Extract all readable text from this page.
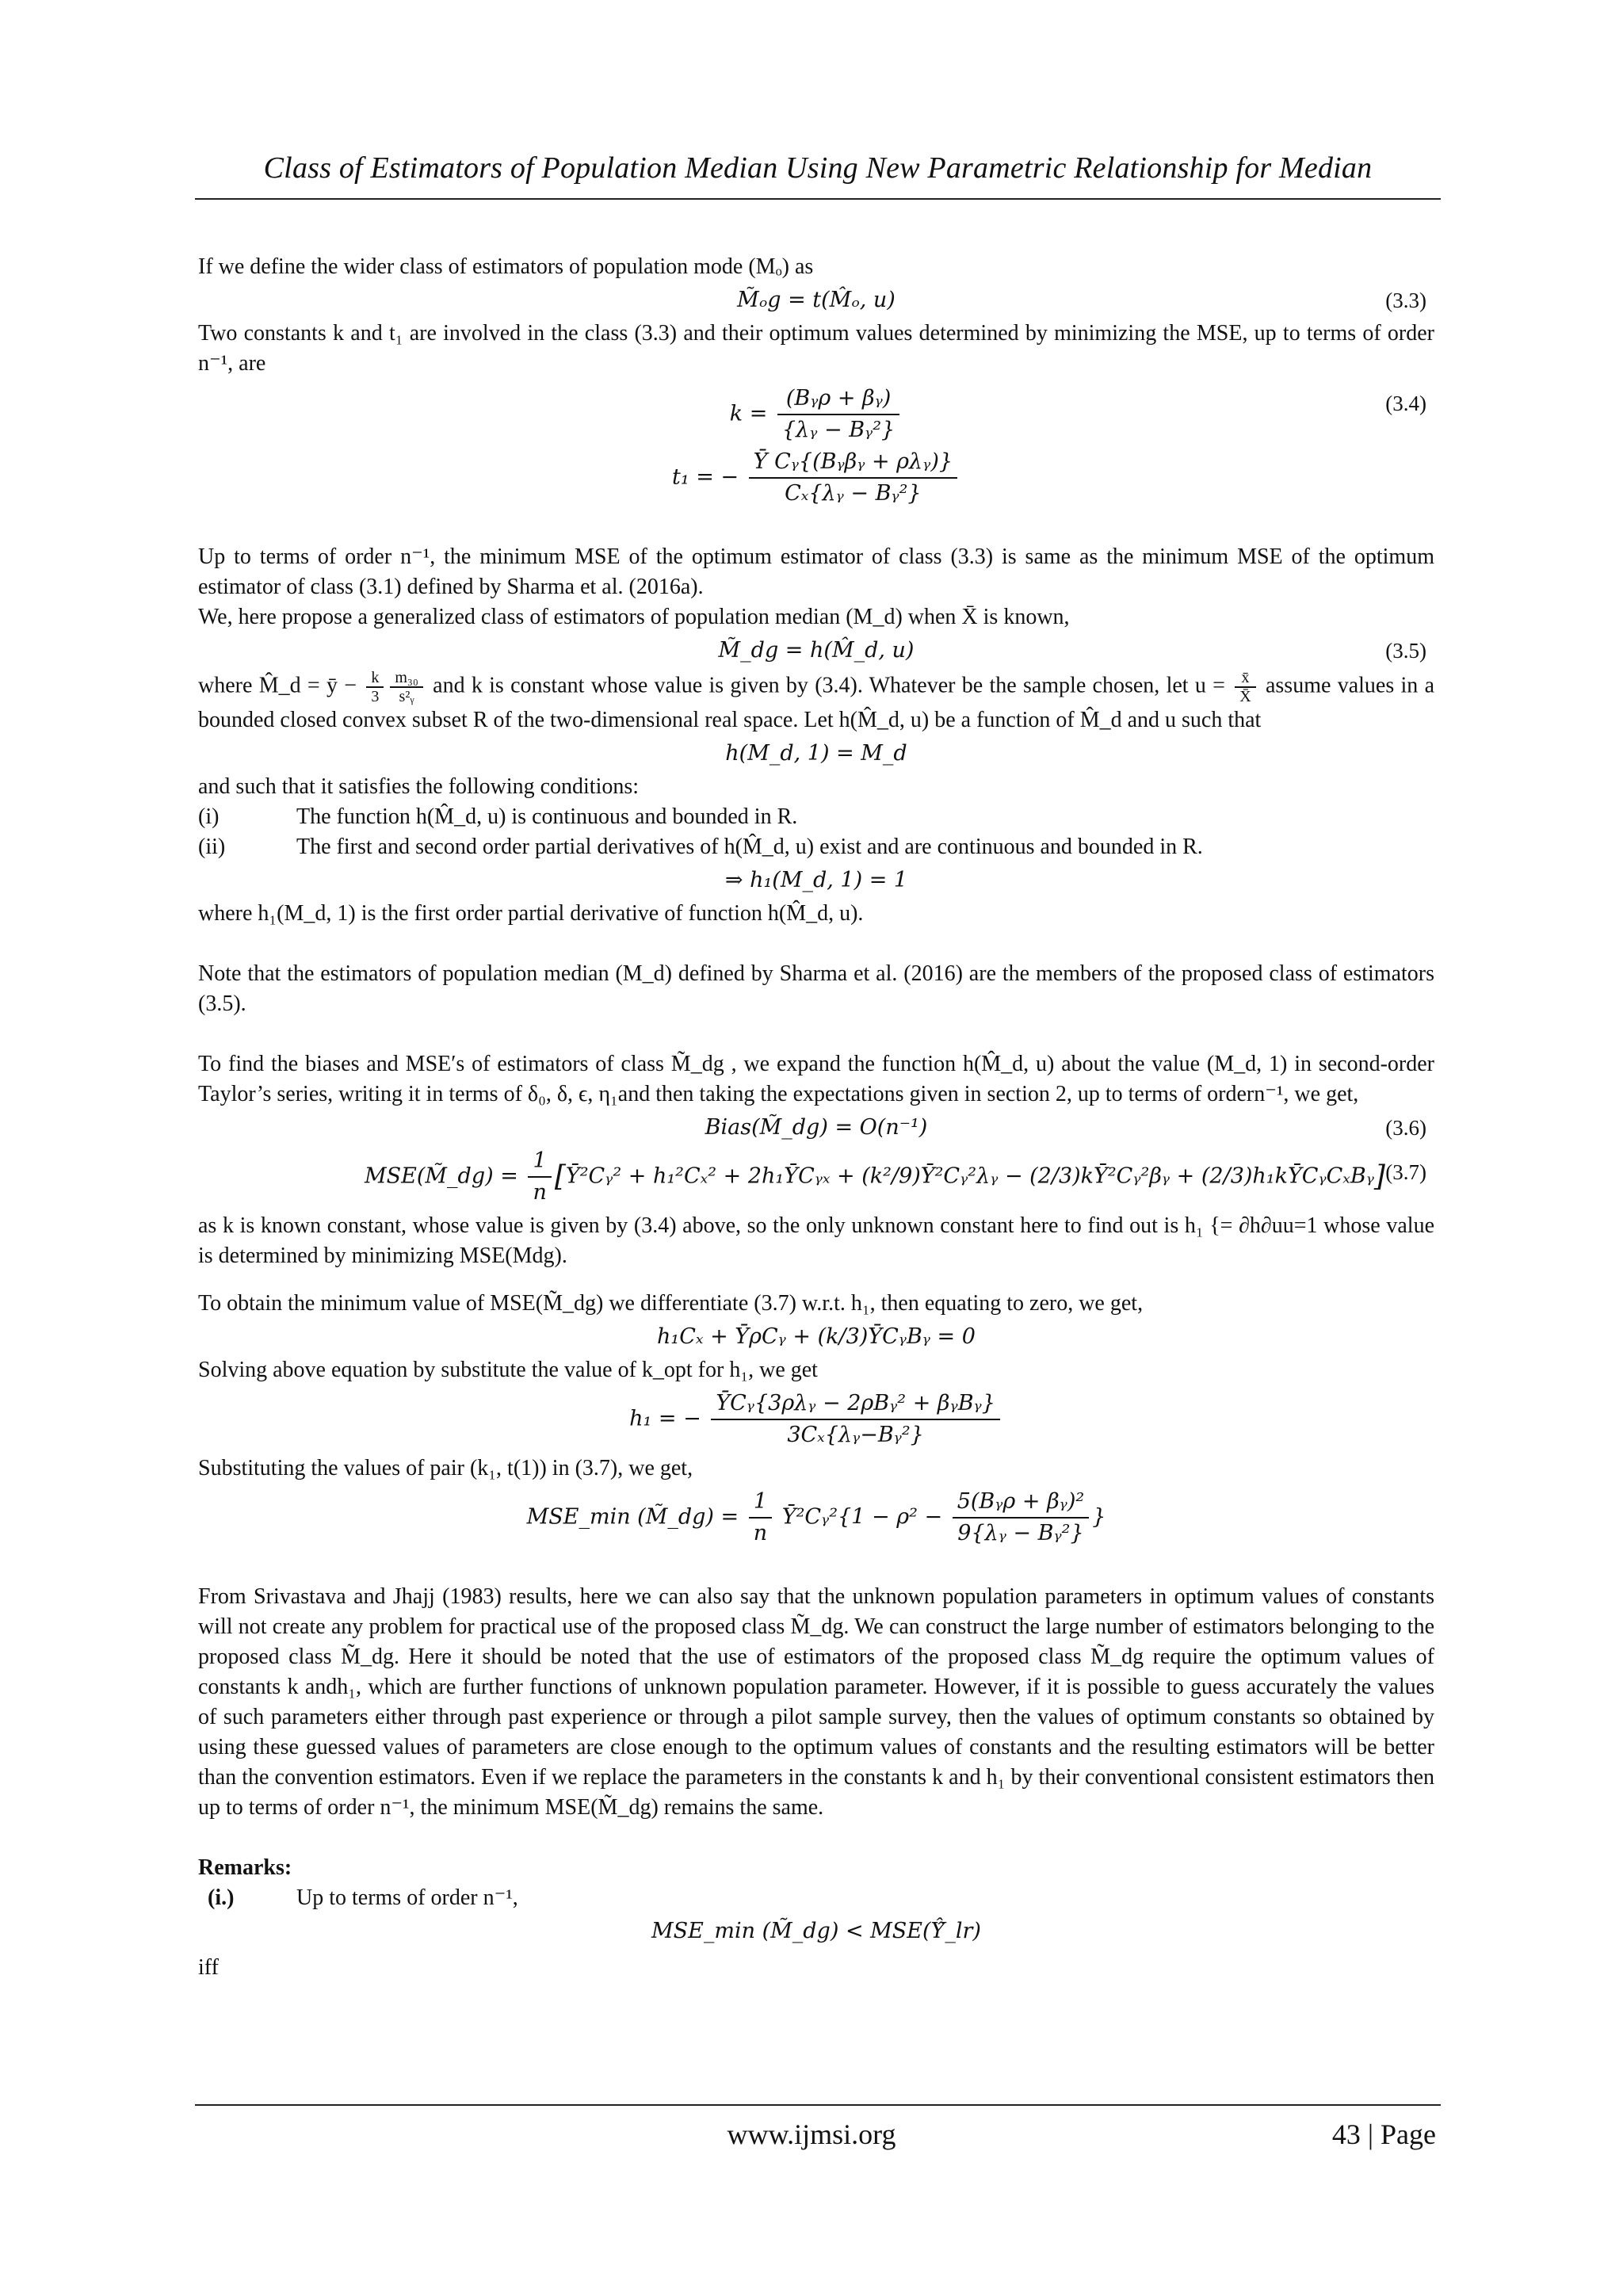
Class of Estimators of Population Median Using New Parametric Relationship for Median

If we define the wider class of estimators of population mode (Mₒ) as

M̃ₒg = t(M̂ₒ, u)	(3.3)

Two constants k and t₁ are involved in the class (3.3) and their optimum values determined by minimizing the MSE, up to terms of order n⁻¹, are

$k = \frac{\text{(Bᵧρ + βᵧ)}}{\text{\{λᵧ − Bᵧ²\}}}$
t₁ = − $\frac{\text{Ȳ Cᵧ\{(Bᵧβᵧ + ρλᵧ)\}}}{\text{Cₓ\{λᵧ − Bᵧ²\}}}$
(3.4)

Up to terms of order n⁻¹, the minimum MSE of the optimum estimator of class (3.3) is same as the minimum MSE of the optimum estimator of class (3.1) defined by Sharma et al. (2016a).

We, here propose a generalized class of estimators of population median (M_d) when X̄ is known,

M̃_dg = h(M̂_d, u)	(3.5)

where M̂_d = ȳ − $\frac{k}{3} \frac{\text{m₃₀}}{\text{s²ᵧ}}$ and k is constant whose value is given by (3.4). Whatever be the sample chosen, let $u = \frac{x̄}{X̄}$ assume values in a bounded closed convex subset R of the two-dimensional real space. Let h(M̂_d, u) be a function of M̂_d and u such that

h(M_d, 1) = M_d

and such that it satisfies the following conditions:

(i)	The function h(M̂_d, u) is continuous and bounded in R.
(ii)	The first and second order partial derivatives of h(M̂_d, u) exist and are continuous and bounded in R.
⇒ h₁(M_d, 1) = 1

where h₁(M_d, 1) is the first order partial derivative of function h(M̂_d, u).

Note that the estimators of population median (M_d) defined by Sharma et al. (2016) are the members of the proposed class of estimators (3.5).

To find the biases and MSE′s of estimators of class M̃_dg , we expand the function h(M̂_d, u) about the value (M_d, 1) in second-order Taylor’s series, writing it in terms of δ₀, δ, ϵ, η₁and then taking the expectations given in section 2, up to terms of ordern⁻¹, we get,

Bias(M̃_dg) = O(n⁻¹)	(3.6)
MSE(M̃_dg) = $\frac{1}{n}$ [Ȳ²Cᵧ² + h₁²Cₓ² + 2h₁ȲCᵧₓ + (k²/9)Ȳ²Cᵧ²λᵧ − (2/3)kȲ²Cᵧ²βᵧ + (2/3)h₁kȲCᵧCₓBᵧ] (3.7)

as k is known constant, whose value is given by (3.4) above, so the only unknown constant here to find out is h₁ {= ∂h∂uu=1 whose value is determined by minimizing MSE(Mdg).

To obtain the minimum value of MSE(M̃_dg) we differentiate (3.7) w.r.t. h₁, then equating to zero, we get,

h₁Cₓ + ȲρCᵧ + (k/3)ȲCᵧBᵧ = 0

Solving above equation by substitute the value of k_opt for h₁, we get

h₁ = − $\frac{\text{ȲCᵧ\{3ρλᵧ − 2ρBᵧ² + βᵧBᵧ\}}}{\text{3Cₓ\{λᵧ−Bᵧ²\}}}$

Substituting the values of pair (k₁, t(1)) in (3.7), we get,

MSE_min (M̃_dg) = $\frac{1}{n}$ Ȳ²Cᵧ²{1 − $\rho^2 - \frac{\text{5(Bᵧρ + βᵧ)²}}{\text{9\{λᵧ − Bᵧ²\}}}$ }

From Srivastava and Jhajj (1983) results, here we can also say that the unknown population parameters in optimum values of constants will not create any problem for practical use of the proposed class M̃_dg. We can construct the large number of estimators belonging to the proposed class M̃_dg. Here it should be noted that the use of estimators of the proposed class M̃_dg require the optimum values of constants k andh₁, which are further functions of unknown population parameter. However, if it is possible to guess accurately the values of such parameters either through past experience or through a pilot sample survey, then the values of optimum constants so obtained by using these guessed values of parameters are close enough to the optimum values of constants and the resulting estimators will be better than the convention estimators. Even if we replace the parameters in the constants k and h₁ by their conventional consistent estimators then up to terms of order n⁻¹, the minimum MSE(M̃_dg) remains the same.

Remarks:

(i.)	Up to terms of order n⁻¹,
MSE_min (M̃_dg) < MSE(Ŷ̂_lr)

iff

www.ijmsi.org	43 | Page
